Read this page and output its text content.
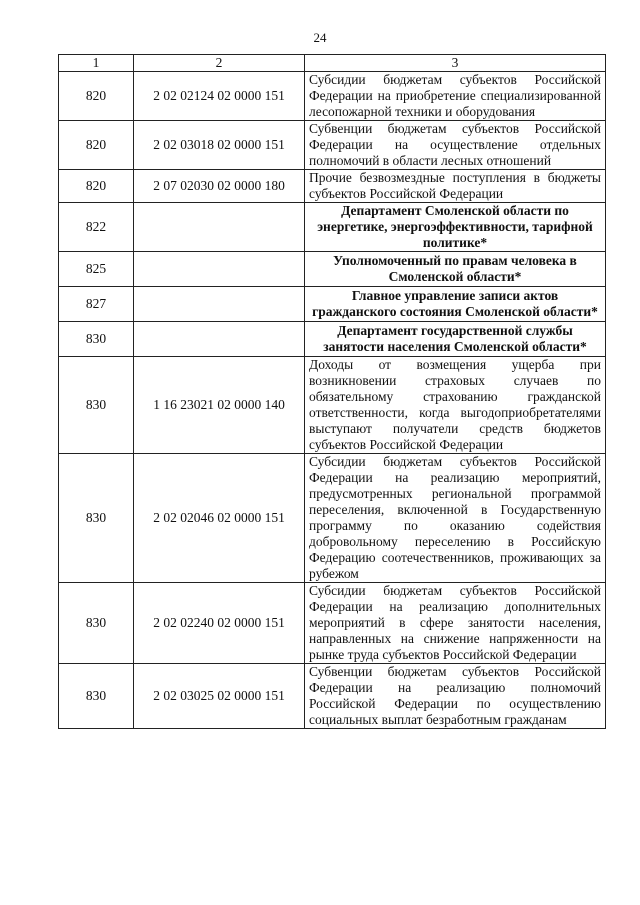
24
1	2	3
820	2 02 02124 02 0000 151	Субсидии бюджетам субъектов Российской Федерации на приобретение специализированной лесопожарной техники и оборудования
820	2 02 03018 02 0000 151	Субвенции бюджетам субъектов Российской Федерации на осуществление отдельных полномочий в области лесных отношений
820	2 07 02030 02 0000 180	Прочие безвозмездные поступления в бюджеты субъектов Российской Федерации
822		Департамент Смоленской области по энергетике, энергоэффективности, тарифной политике*
825		Уполномоченный по правам человека в Смоленской области*
827		Главное управление записи актов гражданского состояния Смоленской области*
830		Департамент государственной службы занятости населения Смоленской области*
830	1 16 23021 02 0000 140	Доходы от возмещения ущерба при возникновении страховых случаев по обязательному страхованию гражданской ответственности, когда выгодоприобретателями выступают получатели средств бюджетов субъектов Российской Федерации
830	2 02 02046 02 0000 151	Субсидии бюджетам субъектов Российской Федерации на реализацию мероприятий, предусмотренных региональной программой переселения, включенной в Государственную программу по оказанию содействия добровольному переселению в Российскую Федерацию соотечественников, проживающих за рубежом
830	2 02 02240 02 0000 151	Субсидии бюджетам субъектов Российской Федерации на реализацию дополнительных мероприятий в сфере занятости населения, направленных на снижение напряженности на рынке труда субъектов Российской Федерации
830	2 02 03025 02 0000 151	Субвенции бюджетам субъектов Российской Федерации на реализацию полномочий Российской Федерации по осуществлению социальных выплат безработным гражданам
